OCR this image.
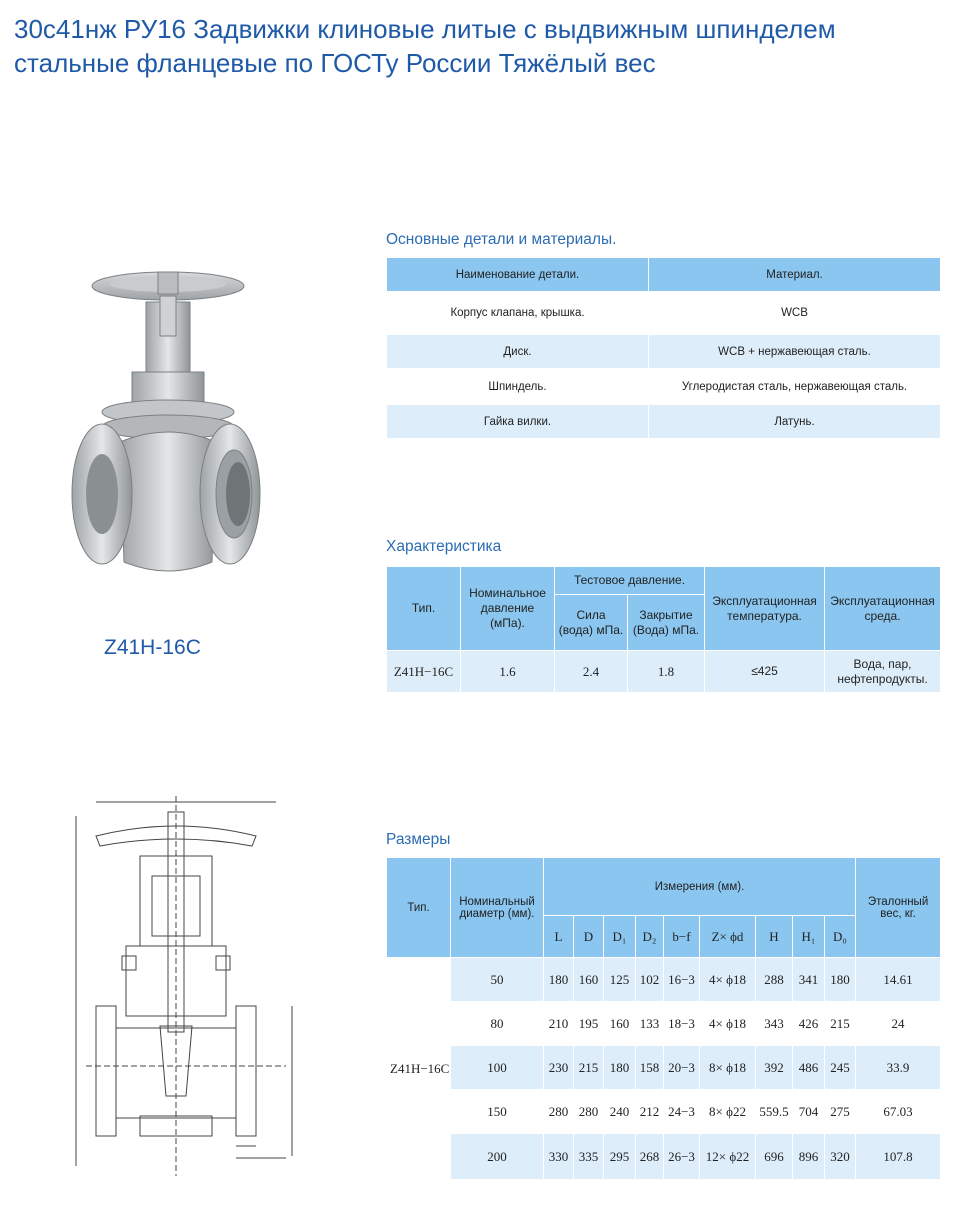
30с41нж РУ16 Задвижки клиновые литые с выдвижным шпинделем
стальные фланцевые по ГОСТу России Тяжёлый вес

Z41H-16C

Основные детали и материалы.
Наименование детали.	Материал.
Корпус клапана, крышка.	WCB
Диск.	WCB + нержавеющая сталь.
Шпиндель.	Углеродистая сталь, нержавеющая сталь.
Гайка вилки.	Латунь.
Характеристика
Тип.	Номинальное давление (мПа).	Тестовое давление.		Эксплуатационная температура.	Эксплуатационная среда.
		Сила (вода) мПа.	Закрытие (Вода) мПа.		
Z41H−16C	1.6	2.4	1.8	≤425	Вода, пар, нефтепродукты.
Размеры
Тип.	Номинальный диаметр (мм).	Измерения (мм).									Эталонный вес, кг.
		L	D	D₁	D₂	b−f	Z× ϕd	H	H₁	D₀	
Z41H−16C	50	180	160	125	102	16−3	4× ϕ18	288	341	180	14.61
	80	210	195	160	133	18−3	4× ϕ18	343	426	215	24
	100	230	215	180	158	20−3	8× ϕ18	392	486	245	33.9
	150	280	280	240	212	24−3	8× ϕ22	559.5	704	275	67.03
	200	330	335	295	268	26−3	12× ϕ22	696	896	320	107.8
